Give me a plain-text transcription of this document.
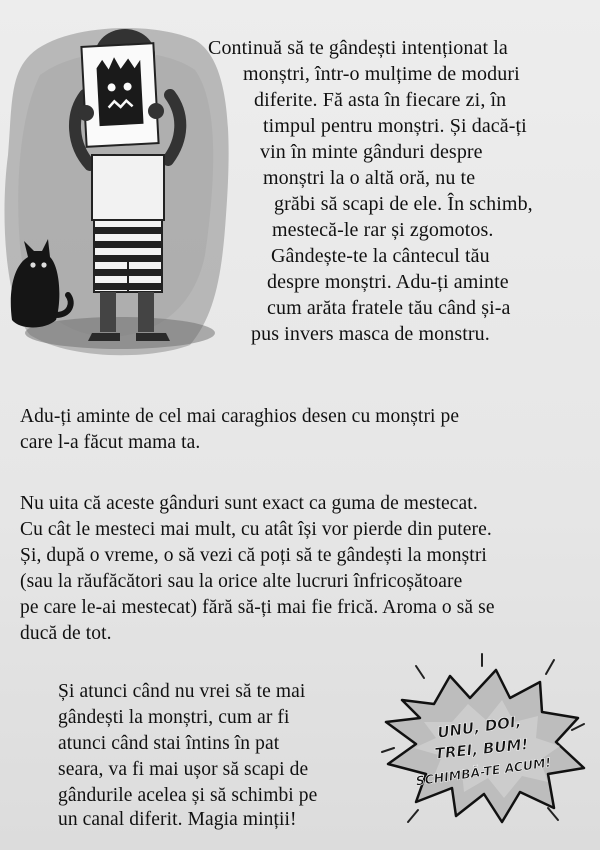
Continuă să te gândești intenționat la
monștri, într-o mulțime de moduri
diferite. Fă asta în fiecare zi, în
timpul pentru monștri. Și dacă-ți
vin în minte gânduri despre
monștri la o altă oră, nu te
grăbi să scapi de ele. În schimb,
mestecă-le rar și zgomotos.
Gândește-te la cântecul tău
despre monștri. Adu-ți aminte
cum arăta fratele tău când și-a
pus invers masca de monstru.
Adu-ți aminte de cel mai caraghios desen cu monștri pe
care l-a făcut mama ta.
Nu uita că aceste gânduri sunt exact ca guma de mestecat.
Cu cât le mesteci mai mult, cu atât își vor pierde din putere.
Și, după o vreme, o să vezi că poți să te gândești la monștri
(sau la răufăcători sau la orice alte lucruri înfricoșătoare
pe care le-ai mestecat) fără să-ți mai fie frică. Aroma o să se
ducă de tot.
Și atunci când nu vrei să te mai
gândești la monștri, cum ar fi
atunci când stai întins în pat
seara, va fi mai ușor să scapi de
gândurile acelea și să schimbi pe
un canal diferit. Magia minții!
UNU, DOI,
TREI, BUM!
SCHIMBĂ-TE ACUM!
